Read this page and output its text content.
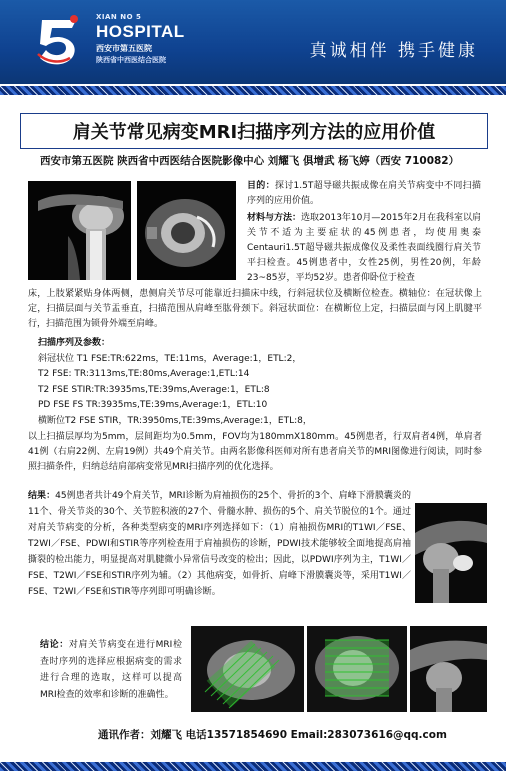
XIAN NO 5
HOSPITAL
西安市第五医院
陕西省中西医结合医院	真诚相伴 携手健康
肩关节常见病变MRI扫描序列方法的应用价值
西安市第五医院 陕西省中西医结合医院影像中心 刘耀飞 俱增武 杨飞婷（西安 710082）

目的：探讨1.5T超导磁共振成像在肩关节病变中不同扫描序列的应用价值。

材料与方法：选取2013年10月—2015年2月在我科室以肩关节不适为主要症状的45例患者，均使用奥泰Centauri1.5T超导磁共振成像仪及柔性表面线圈行肩关节平扫检查。45例患者中，女性25例，男性20例，年龄23~85岁，平均52岁。患者仰卧位于检查

床，上肢紧紧贴身体两侧，患侧肩关节尽可能靠近扫描床中线，行斜冠状位及横断位检查。横轴位：在冠状像上定，扫描层面与关节盂垂直，扫描范围从肩峰至肱骨颈下。斜冠状面位：在横断位上定，扫描层面与冈上肌腱平行，扫描范围为锁骨外端至肩峰。

扫描序列及参数：
斜冠状位 T1 FSE:TR:622ms，TE:11ms，Average:1，ETL:2，
T2 FSE: TR:3113ms,TE:80ms,Average:1,ETL:14
T2 FSE STIR:TR:3935ms,TE:39ms,Average:1，ETL:8
PD FSE FS TR:3935ms,TE:39ms,Average:1，ETL:10
横断位T2 FSE STIR，TR:3950ms,TE:39ms,Average:1，ETL:8，

以上扫描层厚均为5mm，层间距均为0.5mm，FOV均为180mmX180mm。45例患者，行双肩者4例，单肩者41例（右肩22例、左肩19例）共49个肩关节。由两名影像科医师对所有患者肩关节的MRI图像进行阅读，同时参照扫描条件，归纳总结肩部病变常见MRI扫描序列的优化选择。

结果：45例患者共计49个肩关节，MRI诊断为肩袖损伤的25个、骨折的3个、肩峰下滑膜囊炎的11个、骨关节炎的30个、关节腔积液的27个、骨髓水肿、损伤的5个、肩关节脱位的1个。通过对肩关节病变的分析，各种类型病变的MRI序列选择如下：（1）肩袖损伤MRI的T1WI／FSE、T2WI／FSE、PDWI和STIR等序列检查用于肩袖损伤的诊断，PDWI技术能够较全面地提高肩袖撕裂的检出能力，明显提高对肌腱微小异常信号改变的检出；因此，以PDWI序列为主，T1WI／FSE、T2WI／FSE和STIR序列为辅。（2）其他病变，如骨折、肩峰下滑膜囊炎等，采用T1WI／FSE、T2WI／FSE和STIR等序列即可明确诊断。

结论：对肩关节病变在进行MRI检查时序列的选择应根据病变的需求进行合理的选取，这样可以提高MRI检查的效率和诊断的准确性。

通讯作者：刘耀飞 电话13571854690 Email:283073616@qq.com
